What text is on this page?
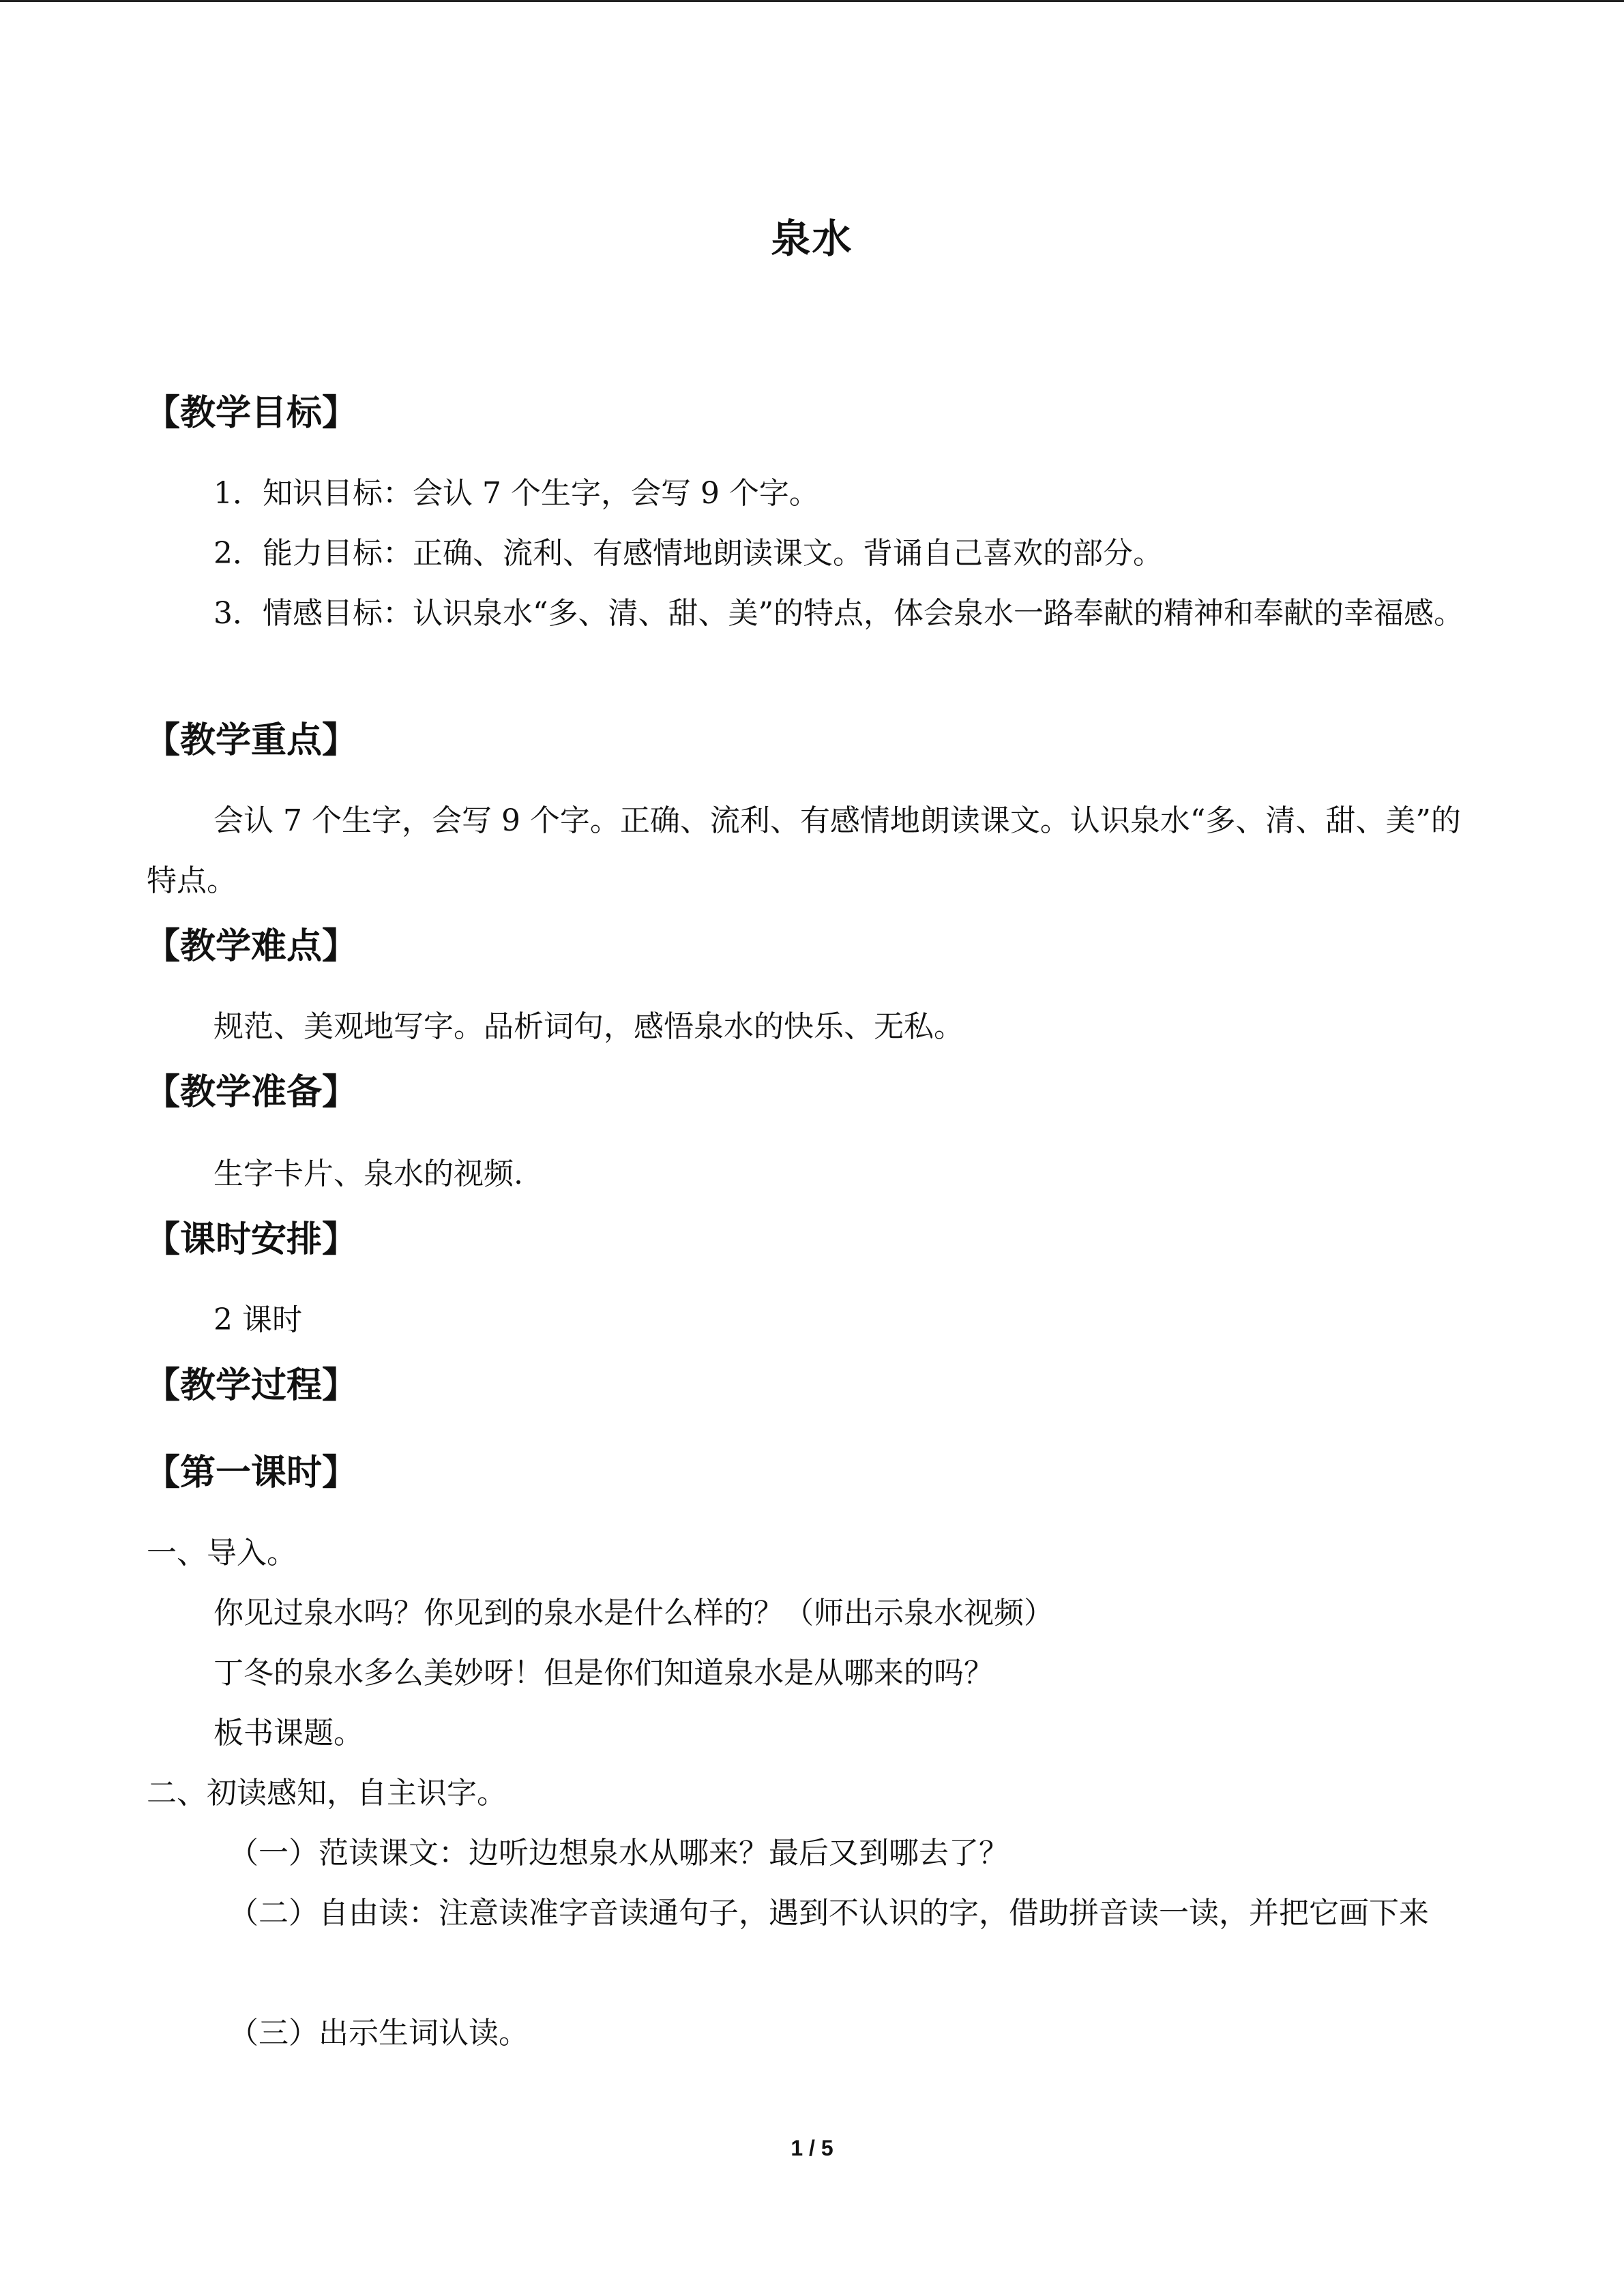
泉水
【教学目标】
1．知识目标：会认 7 个生字，会写 9 个字。
2．能力目标：正确、流利、有感情地朗读课文。背诵自己喜欢的部分。

3．情感目标：认识泉水“多、清、甜、美”的特点，体会泉水一路奉献的精神和奉献的幸福感。

【教学重点】

会认 7 个生字，会写 9 个字。正确、流利、有感情地朗读课文。认识泉水“多、清、甜、美”的特点。

【教学难点】
规范、美观地写字。品析词句，感悟泉水的快乐、无私。
【教学准备】
生字卡片、泉水的视频.
【课时安排】
2 课时
【教学过程】
【第一课时】
一、导入。
你见过泉水吗？你见到的泉水是什么样的？（师出示泉水视频）
丁冬的泉水多么美妙呀！但是你们知道泉水是从哪来的吗？
板书课题。
二、初读感知，自主识字。
（一）范读课文：边听边想泉水从哪来？最后又到哪去了？

（二）自由读：注意读准字音读通句子，遇到不认识的字，借助拼音读一读，并把它画下来

（三）出示生词认读。
1 / 5
